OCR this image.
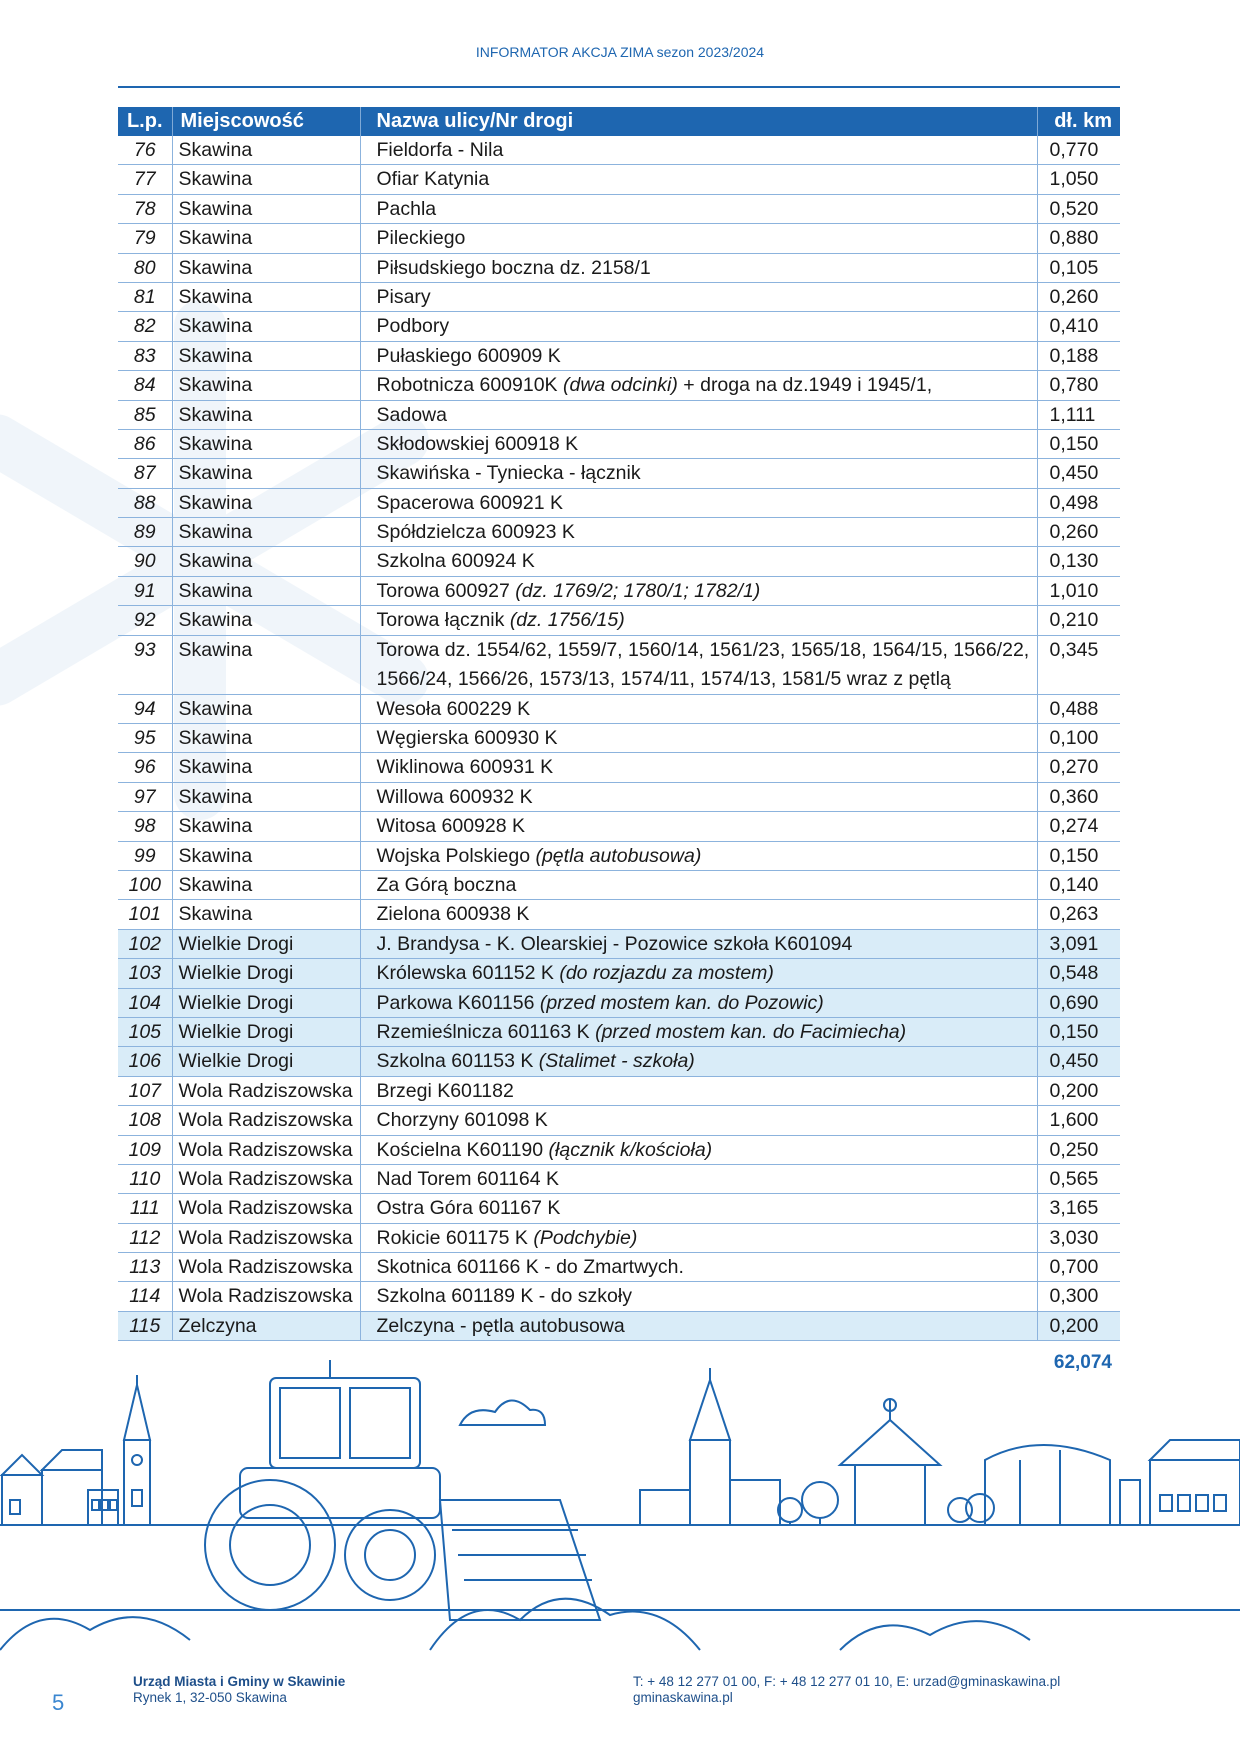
INFORMATOR AKCJA ZIMA sezon 2023/2024
L.p.	Miejscowość	Nazwa ulicy/Nr drogi	dł. km
76	Skawina	Fieldorfa - Nila	0,770
77	Skawina	Ofiar Katynia	1,050
78	Skawina	Pachla	0,520
79	Skawina	Pileckiego	0,880
80	Skawina	Piłsudskiego boczna dz. 2158/1	0,105
81	Skawina	Pisary	0,260
82	Skawina	Podbory	0,410
83	Skawina	Pułaskiego 600909 K	0,188
84	Skawina	Robotnicza 600910K (dwa odcinki) + droga na dz.1949 i 1945/1,	0,780
85	Skawina	Sadowa	1,111
86	Skawina	Skłodowskiej 600918 K	0,150
87	Skawina	Skawińska - Tyniecka - łącznik	0,450
88	Skawina	Spacerowa 600921 K	0,498
89	Skawina	Spółdzielcza 600923 K	0,260
90	Skawina	Szkolna 600924 K	0,130
91	Skawina	Torowa 600927 (dz. 1769/2; 1780/1; 1782/1)	1,010
92	Skawina	Torowa łącznik (dz. 1756/15)	0,210
93	Skawina	Torowa dz. 1554/62, 1559/7, 1560/14, 1561/23, 1565/18, 1564/15, 1566/22, 1566/24, 1566/26, 1573/13, 1574/11, 1574/13, 1581/5 wraz z pętlą	0,345
94	Skawina	Wesoła 600229 K	0,488
95	Skawina	Węgierska 600930 K	0,100
96	Skawina	Wiklinowa 600931 K	0,270
97	Skawina	Willowa 600932 K	0,360
98	Skawina	Witosa 600928 K	0,274
99	Skawina	Wojska Polskiego (pętla autobusowa)	0,150
100	Skawina	Za Górą boczna	0,140
101	Skawina	Zielona 600938 K	0,263
102	Wielkie Drogi	J. Brandysa - K. Olearskiej - Pozowice szkoła K601094	3,091
103	Wielkie Drogi	Królewska 601152 K (do rozjazdu za mostem)	0,548
104	Wielkie Drogi	Parkowa K601156 (przed mostem kan. do Pozowic)	0,690
105	Wielkie Drogi	Rzemieślnicza 601163 K (przed mostem kan. do Facimiecha)	0,150
106	Wielkie Drogi	Szkolna 601153 K (Stalimet - szkoła)	0,450
107	Wola Radziszowska	Brzegi K601182	0,200
108	Wola Radziszowska	Chorzyny 601098 K	1,600
109	Wola Radziszowska	Kościelna K601190 (łącznik k/kościoła)	0,250
110	Wola Radziszowska	Nad Torem 601164 K	0,565
111	Wola Radziszowska	Ostra Góra 601167 K	3,165
112	Wola Radziszowska	Rokicie 601175 K (Podchybie)	3,030
113	Wola Radziszowska	Skotnica 601166 K - do Zmartwych.	0,700
114	Wola Radziszowska	Szkolna 601189 K - do szkoły	0,300
115	Zelczyna	Zelczyna - pętla autobusowa	0,200
62,074
5
Urząd Miasta i Gminy w Skawinie
Rynek 1, 32-050 Skawina
T: + 48 12 277 01 00, F: + 48 12 277 01 10, E: urzad@gminaskawina.pl
gminaskawina.pl
